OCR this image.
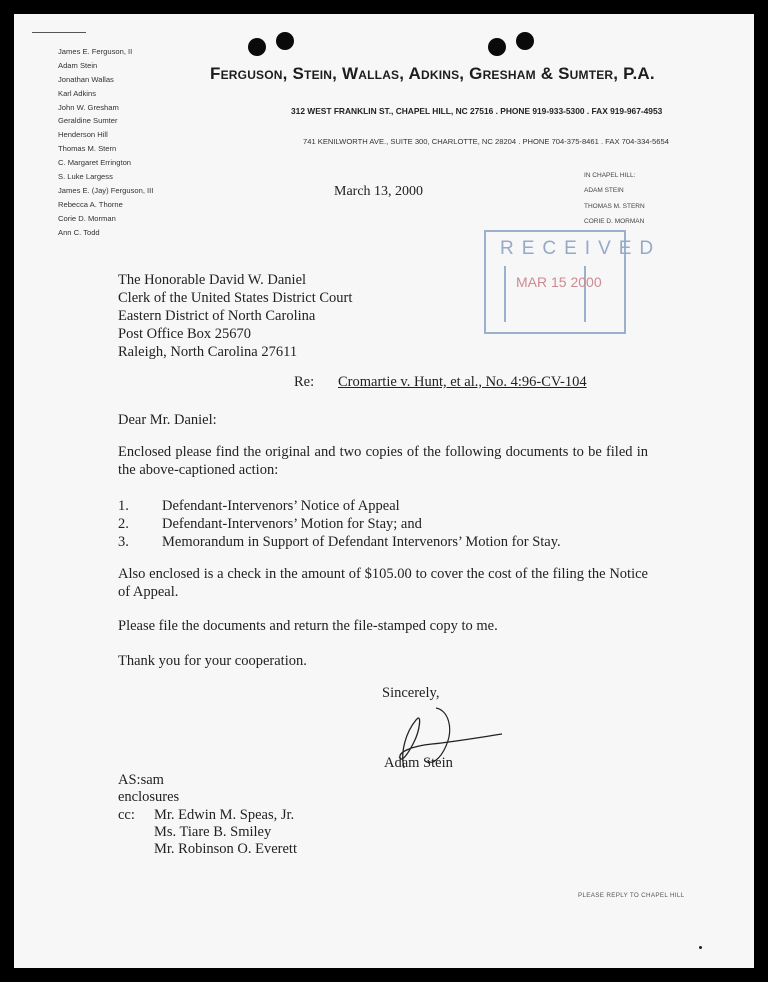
James E. Ferguson, II
Adam Stein
Jonathan Wallas
Karl Adkins
John W. Gresham
Geraldine Sumter
Henderson Hill
Thomas M. Stern
C. Margaret Errington
S. Luke Largess
James E. (Jay) Ferguson, III
Rebecca A. Thorne
Corie D. Morman
Ann C. Todd
Ferguson, Stein, Wallas, Adkins, Gresham & Sumter, P.A.
312 WEST FRANKLIN ST., CHAPEL HILL, NC 27516 . PHONE 919-933-5300 . FAX 919-967-4953
741 KENILWORTH AVE., SUITE 300, CHARLOTTE, NC 28204 . PHONE 704-375-8461 . FAX 704-334-5654
IN CHAPEL HILL:
ADAM STEIN
THOMAS M. STERN
CORIE D. MORMAN
March 13, 2000
RECEIVED
MAR 15 2000
The Honorable David W. Daniel
Clerk of the United States District Court
Eastern District of North Carolina
Post Office Box 25670
Raleigh, North Carolina 27611
Re: Cromartie v. Hunt, et al., No. 4:96-CV-104
Dear Mr. Daniel:
Enclosed please find the original and two copies of the following documents to be filed in the above-captioned action:
1. Defendant-Intervenors’ Notice of Appeal
2. Defendant-Intervenors’ Motion for Stay; and
3. Memorandum in Support of Defendant Intervenors’ Motion for Stay.
Also enclosed is a check in the amount of $105.00 to cover the cost of the filing the Notice of Appeal.
Please file the documents and return the file-stamped copy to me.
Thank you for your cooperation.
Sincerely,
Adam Stein
AS:sam
enclosures
cc: Mr. Edwin M. Speas, Jr.
Ms. Tiare B. Smiley
Mr. Robinson O. Everett
PLEASE REPLY TO CHAPEL HILL
